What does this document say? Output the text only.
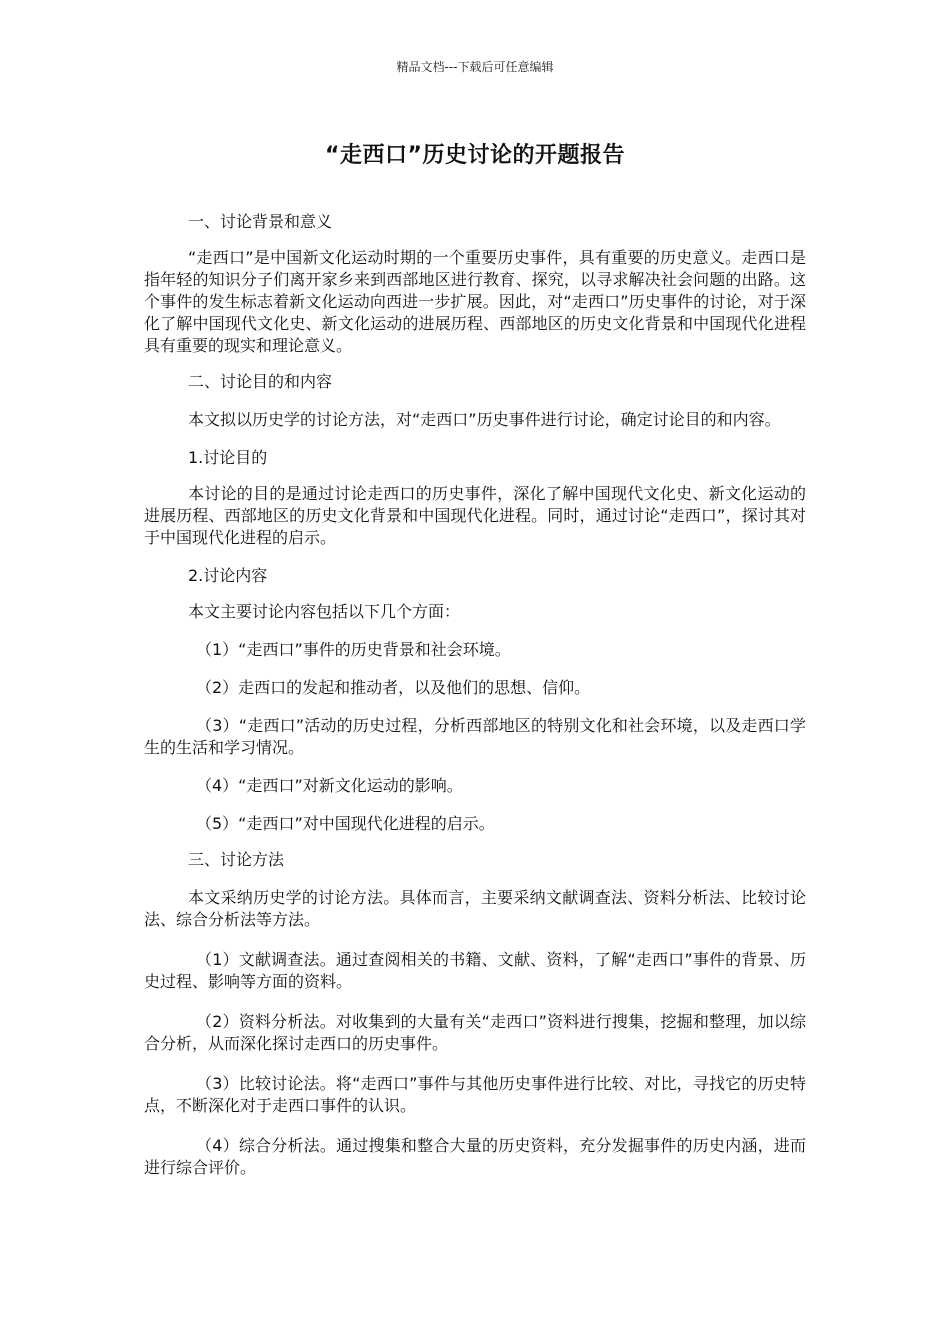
精品文档---下载后可任意编辑
“走西口”历史讨论的开题报告

一、讨论背景和意义

“走西口”是中国新文化运动时期的一个重要历史事件，具有重要的历史意义。走西口是指年轻的知识分子们离开家乡来到西部地区进行教育、探究，以寻求解决社会问题的出路。这个事件的发生标志着新文化运动向西进一步扩展。因此，对“走西口”历史事件的讨论，对于深化了解中国现代文化史、新文化运动的进展历程、西部地区的历史文化背景和中国现代化进程具有重要的现实和理论意义。

二、讨论目的和内容

本文拟以历史学的讨论方法，对“走西口”历史事件进行讨论，确定讨论目的和内容。

1.讨论目的

本讨论的目的是通过讨论走西口的历史事件，深化了解中国现代文化史、新文化运动的进展历程、西部地区的历史文化背景和中国现代化进程。同时，通过讨论“走西口”，探讨其对于中国现代化进程的启示。

2.讨论内容

本文主要讨论内容包括以下几个方面：

（1）“走西口”事件的历史背景和社会环境。

（2）走西口的发起和推动者，以及他们的思想、信仰。

（3）“走西口”活动的历史过程，分析西部地区的特别文化和社会环境，以及走西口学生的生活和学习情况。

（4）“走西口”对新文化运动的影响。

（5）“走西口”对中国现代化进程的启示。

三、讨论方法

本文采纳历史学的讨论方法。具体而言，主要采纳文献调查法、资料分析法、比较讨论法、综合分析法等方法。

（1）文献调查法。通过查阅相关的书籍、文献、资料，了解“走西口”事件的背景、历史过程、影响等方面的资料。

（2）资料分析法。对收集到的大量有关“走西口”资料进行搜集，挖掘和整理，加以综合分析，从而深化探讨走西口的历史事件。

（3）比较讨论法。将“走西口”事件与其他历史事件进行比较、对比，寻找它的历史特点，不断深化对于走西口事件的认识。

（4）综合分析法。通过搜集和整合大量的历史资料，充分发掘事件的历史内涵，进而进行综合评价。
